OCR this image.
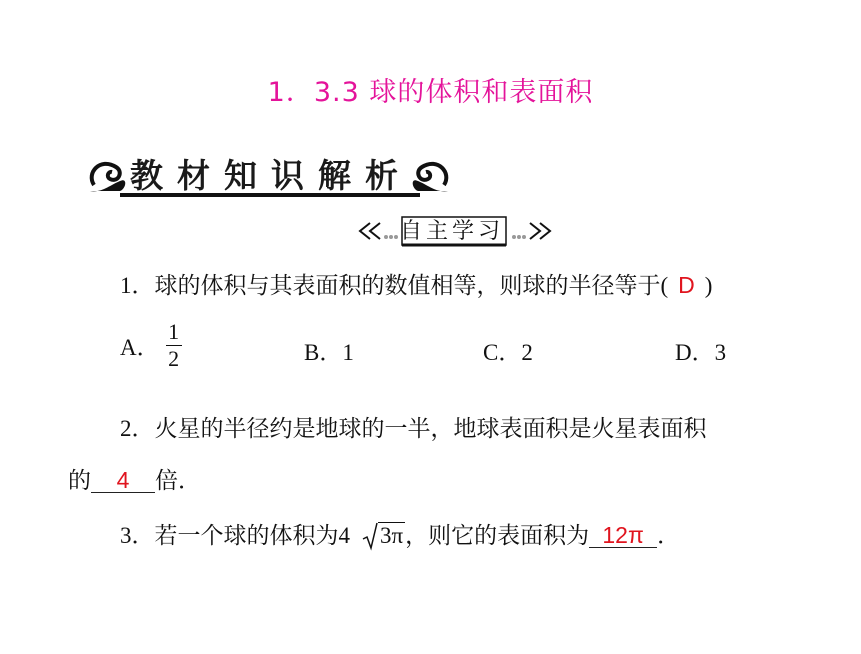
1．3.3 球的体积和表面积
教材知识解析
自主学习
1．球的体积与其表面积的数值相等，则球的半径等于( D )
A． $\frac{1}{2}$	B．1	C．2	D．3
2．火星的半径约是地球的一半，地球表面积是火星表面积
的 4 倍．
3．若一个球的体积为4 3π，则它的表面积为 12π ．
